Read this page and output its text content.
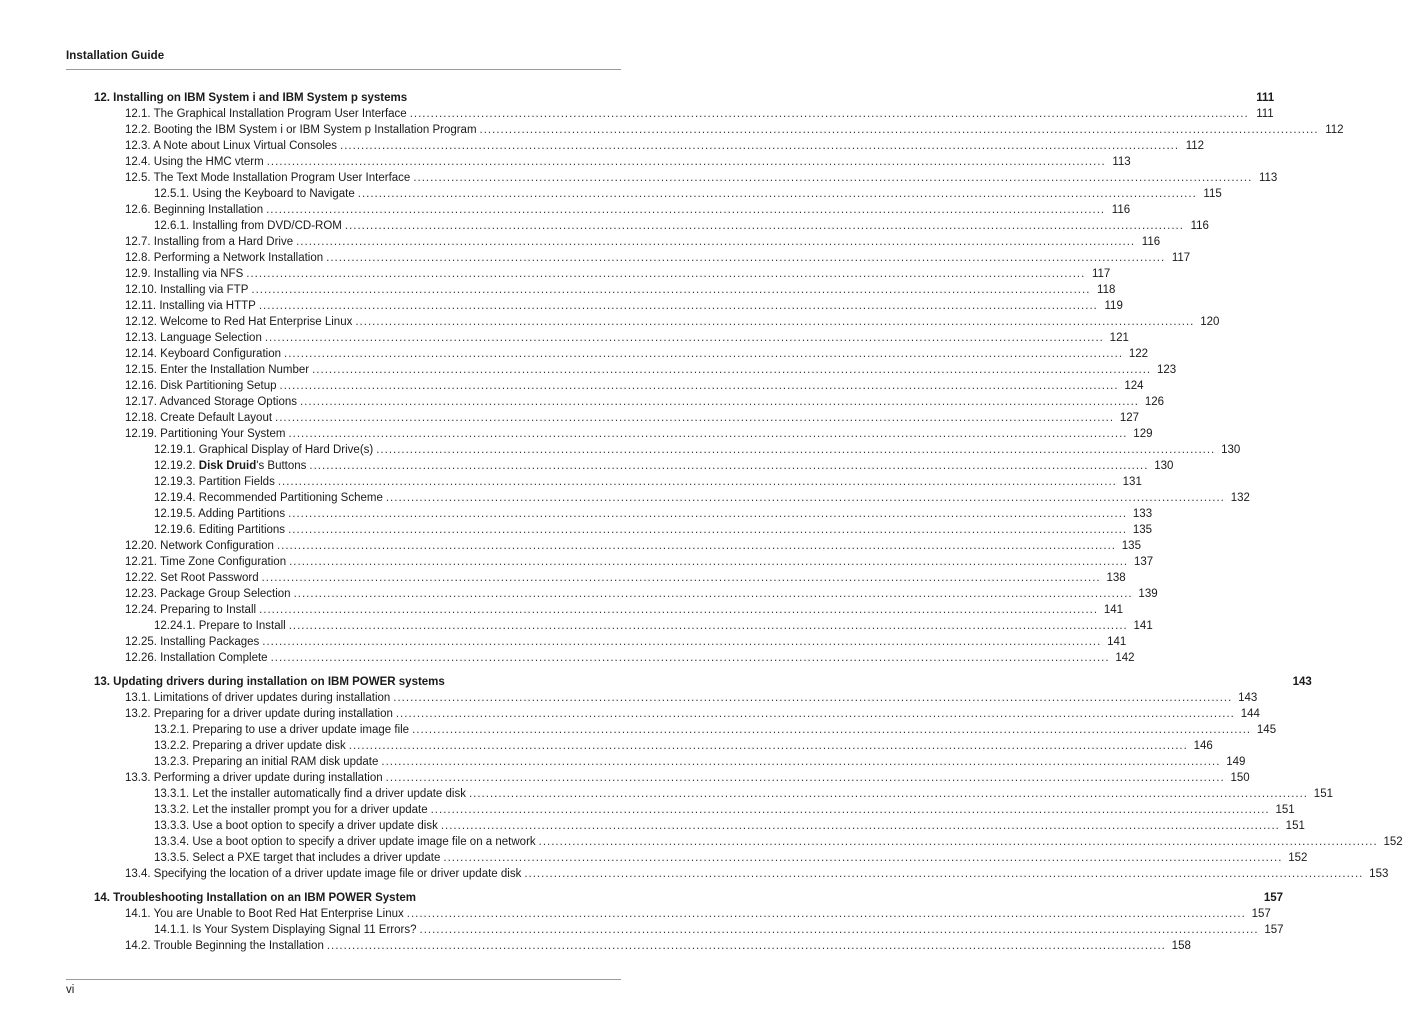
Installation Guide
12. Installing on IBM System i and IBM System p systems	111
12.1. The Graphical Installation Program User Interface ........................................................................................................................................................................................................ 111
12.2. Booting the IBM System i or IBM System p Installation Program ........................................................................................................................................................................................................ 112
12.3. A Note about Linux Virtual Consoles ........................................................................................................................................................................................................ 112
12.4. Using the HMC vterm ........................................................................................................................................................................................................ 113
12.5. The Text Mode Installation Program User Interface ........................................................................................................................................................................................................ 113
12.5.1. Using the Keyboard to Navigate ........................................................................................................................................................................................................ 115
12.6. Beginning Installation ........................................................................................................................................................................................................ 116
12.6.1. Installing from DVD/CD-ROM ........................................................................................................................................................................................................ 116
12.7. Installing from a Hard Drive ........................................................................................................................................................................................................ 116
12.8. Performing a Network Installation ........................................................................................................................................................................................................ 117
12.9. Installing via NFS ........................................................................................................................................................................................................ 117
12.10. Installing via FTP ........................................................................................................................................................................................................ 118
12.11. Installing via HTTP ........................................................................................................................................................................................................ 119
12.12. Welcome to Red Hat Enterprise Linux ........................................................................................................................................................................................................ 120
12.13. Language Selection ........................................................................................................................................................................................................ 121
12.14. Keyboard Configuration ........................................................................................................................................................................................................ 122
12.15. Enter the Installation Number ........................................................................................................................................................................................................ 123
12.16. Disk Partitioning Setup ........................................................................................................................................................................................................ 124
12.17. Advanced Storage Options ........................................................................................................................................................................................................ 126
12.18. Create Default Layout ........................................................................................................................................................................................................ 127
12.19. Partitioning Your System ........................................................................................................................................................................................................ 129
12.19.1. Graphical Display of Hard Drive(s) ........................................................................................................................................................................................................ 130
12.19.2. Disk Druid's Buttons ........................................................................................................................................................................................................ 130
12.19.3. Partition Fields ........................................................................................................................................................................................................ 131
12.19.4. Recommended Partitioning Scheme ........................................................................................................................................................................................................ 132
12.19.5. Adding Partitions ........................................................................................................................................................................................................ 133
12.19.6. Editing Partitions ........................................................................................................................................................................................................ 135
12.20. Network Configuration ........................................................................................................................................................................................................ 135
12.21. Time Zone Configuration ........................................................................................................................................................................................................ 137
12.22. Set Root Password ........................................................................................................................................................................................................ 138
12.23. Package Group Selection ........................................................................................................................................................................................................ 139
12.24. Preparing to Install ........................................................................................................................................................................................................ 141
12.24.1. Prepare to Install ........................................................................................................................................................................................................ 141
12.25. Installing Packages ........................................................................................................................................................................................................ 141
12.26. Installation Complete ........................................................................................................................................................................................................ 142
13. Updating drivers during installation on IBM POWER systems	143
13.1. Limitations of driver updates during installation ........................................................................................................................................................................................................ 143
13.2. Preparing for a driver update during installation ........................................................................................................................................................................................................ 144
13.2.1. Preparing to use a driver update image file ........................................................................................................................................................................................................ 145
13.2.2. Preparing a driver update disk ........................................................................................................................................................................................................ 146
13.2.3. Preparing an initial RAM disk update ........................................................................................................................................................................................................ 149
13.3. Performing a driver update during installation ........................................................................................................................................................................................................ 150
13.3.1. Let the installer automatically find a driver update disk ........................................................................................................................................................................................................ 151
13.3.2. Let the installer prompt you for a driver update ........................................................................................................................................................................................................ 151
13.3.3. Use a boot option to specify a driver update disk ........................................................................................................................................................................................................ 151
13.3.4. Use a boot option to specify a driver update image file on a network ........................................................................................................................................................................................................ 152
13.3.5. Select a PXE target that includes a driver update ........................................................................................................................................................................................................ 152
13.4. Specifying the location of a driver update image file or driver update disk ........................................................................................................................................................................................................ 153
14. Troubleshooting Installation on an IBM POWER System	157
14.1. You are Unable to Boot Red Hat Enterprise Linux ........................................................................................................................................................................................................ 157
14.1.1. Is Your System Displaying Signal 11 Errors? ........................................................................................................................................................................................................ 157
14.2. Trouble Beginning the Installation ........................................................................................................................................................................................................ 158
vi
